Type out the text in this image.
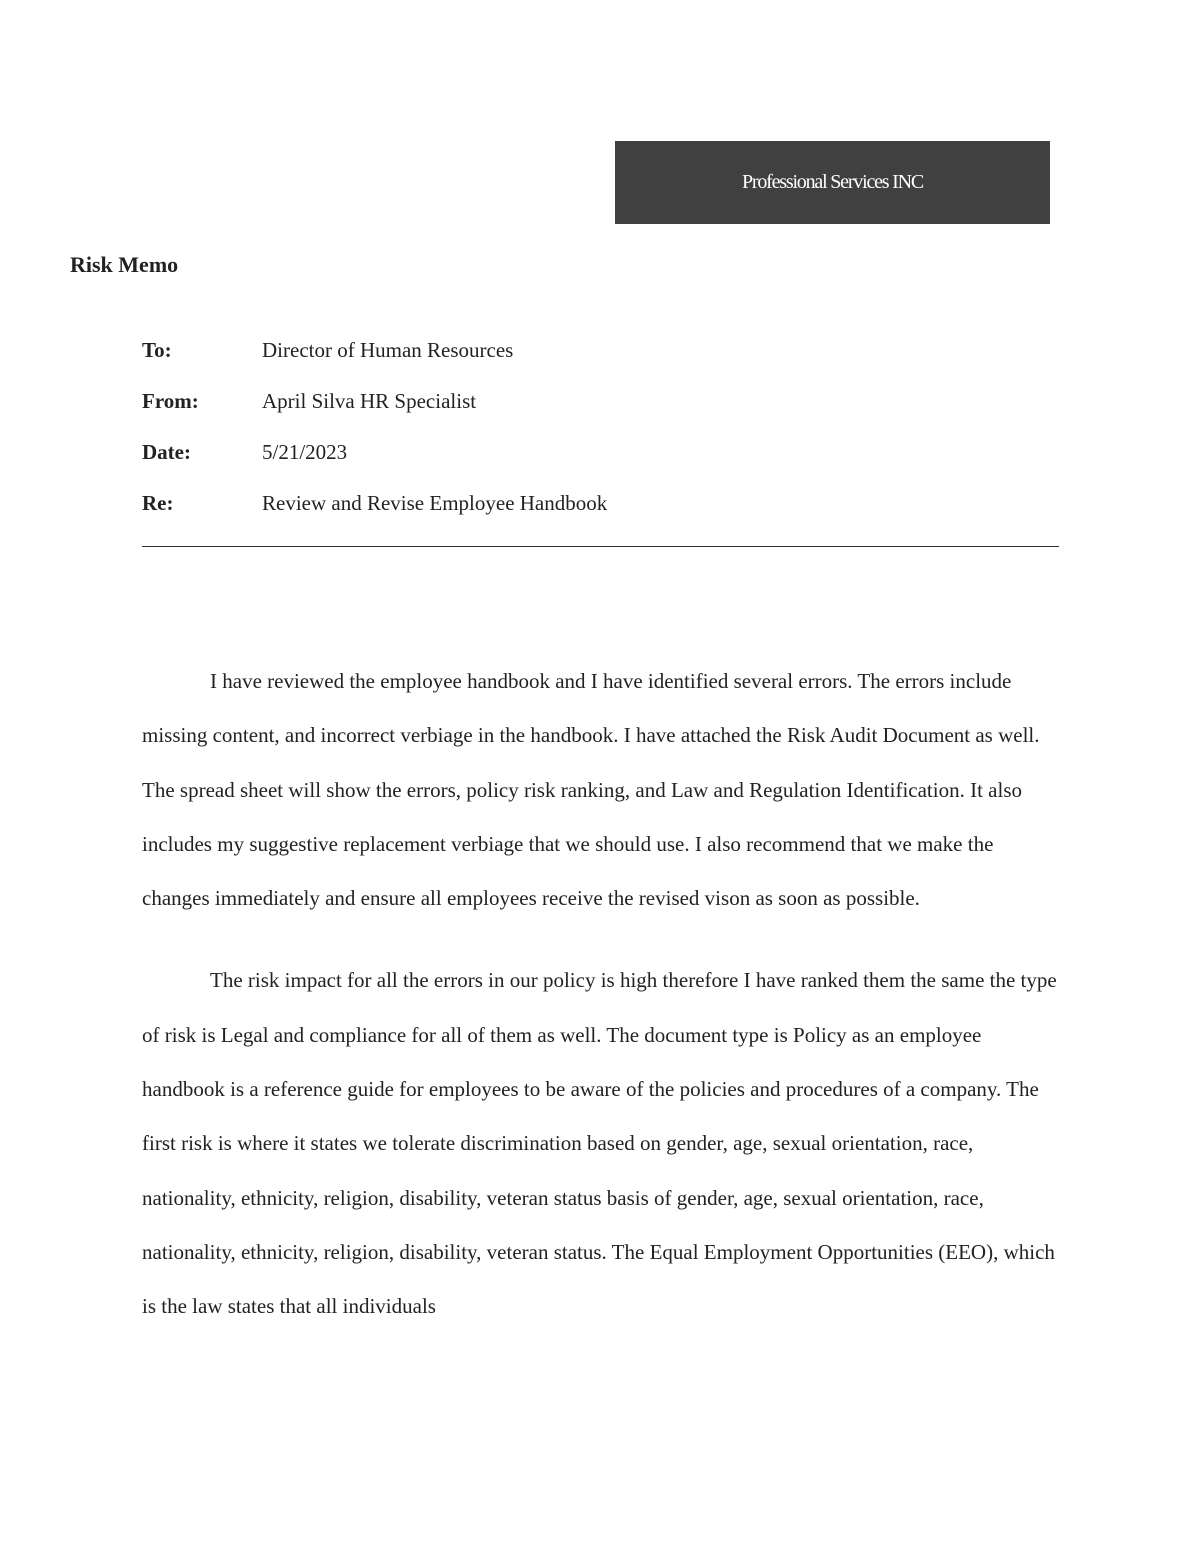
Professional Services INC
Risk Memo
To:	Director of Human Resources
From:	April Silva HR Specialist
Date:	5/21/2023
Re:	Review and Revise Employee Handbook

I have reviewed the employee handbook and I have identified several errors. The errors include missing content, and incorrect verbiage in the handbook. I have attached the Risk Audit Document as well. The spread sheet will show the errors, policy risk ranking, and Law and Regulation Identification. It also includes my suggestive replacement verbiage that we should use. I also recommend that we make the changes immediately and ensure all employees receive the revised vison as soon as possible.

The risk impact for all the errors in our policy is high therefore I have ranked them the same the type of risk is Legal and compliance for all of them as well. The document type is Policy as an employee handbook is a reference guide for employees to be aware of the policies and procedures of a company. The first risk is where it states we tolerate discrimination based on gender, age, sexual orientation, race, nationality, ethnicity, religion, disability, veteran status basis of gender, age, sexual orientation, race, nationality, ethnicity, religion, disability, veteran status. The Equal Employment Opportunities (EEO), which is the law states that all individuals
